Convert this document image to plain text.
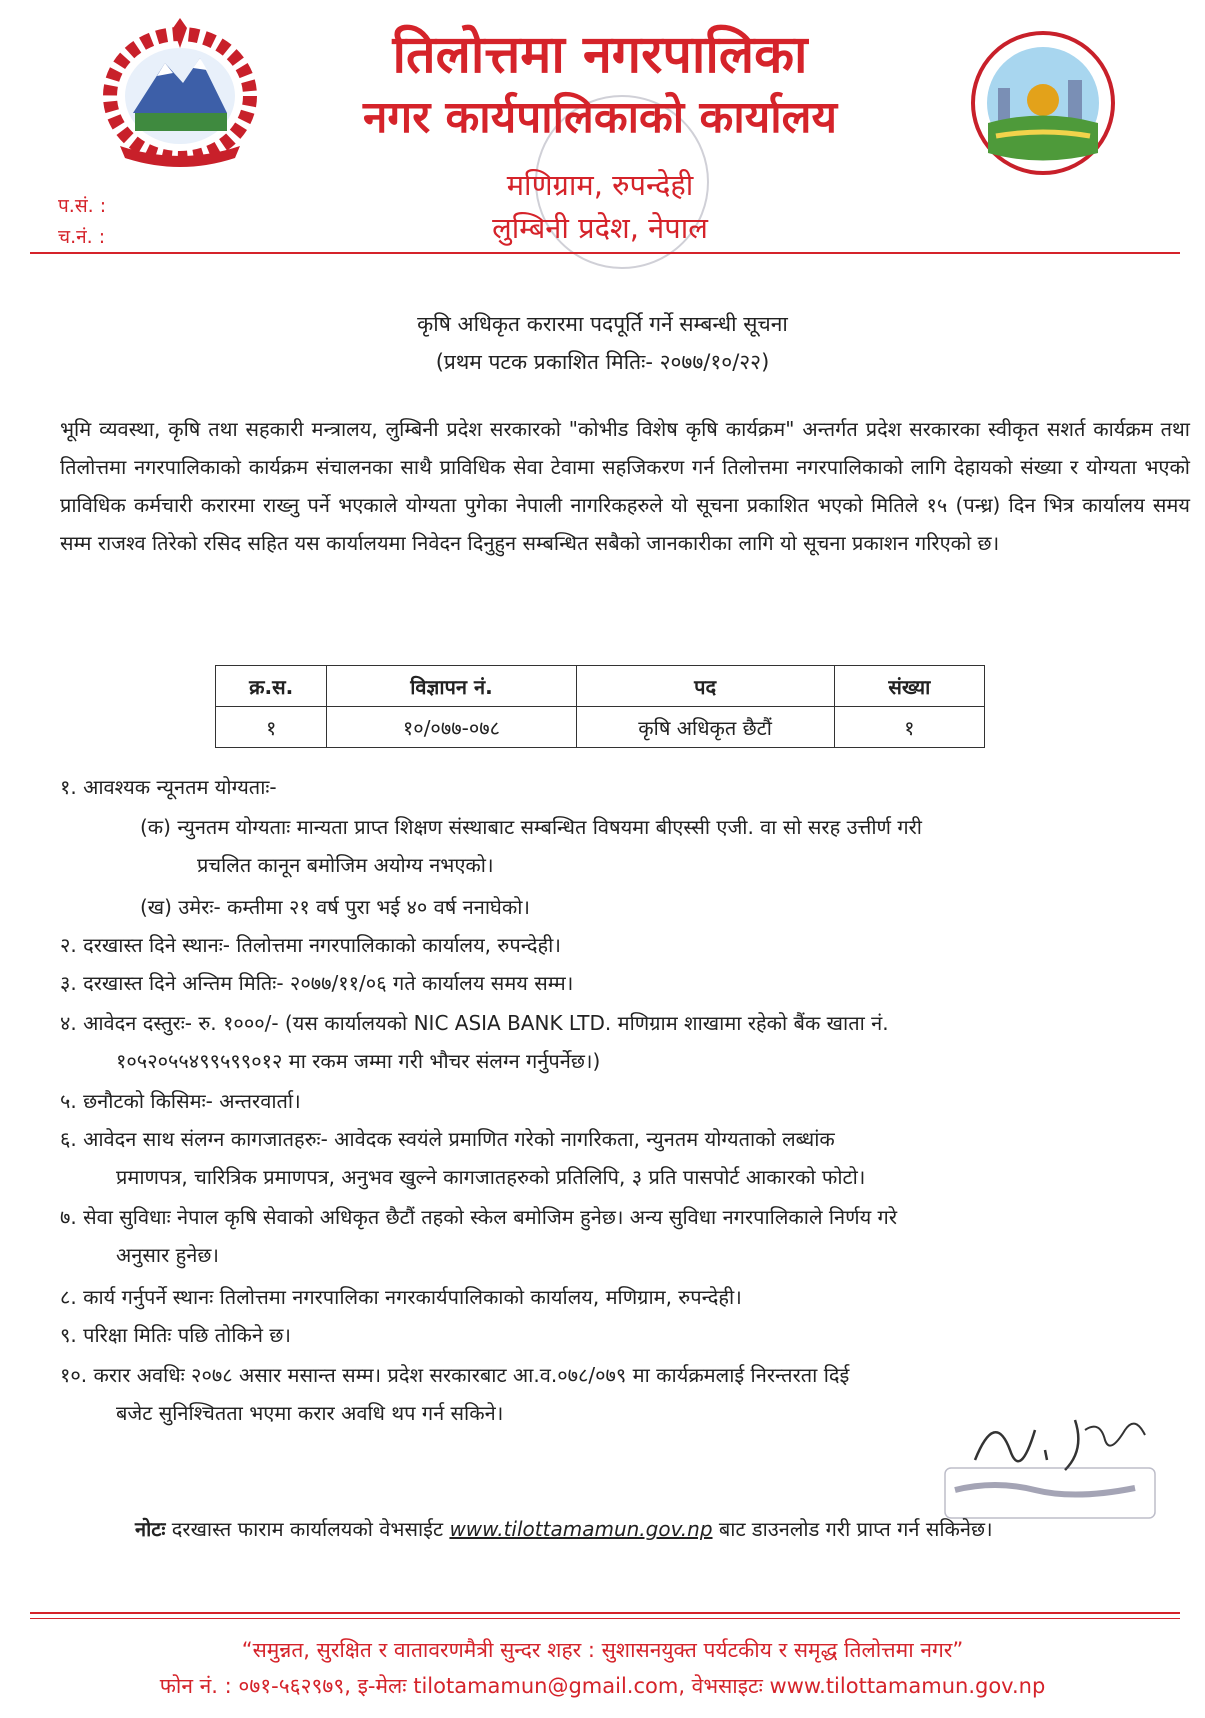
तिलोत्तमा नगरपालिका
नगर कार्यपालिकाको कार्यालय
मणिग्राम, रुपन्देही
लुम्बिनी प्रदेश, नेपाल
प.सं. :
च.नं. :
कृषि अधिकृत करारमा पदपूर्ति गर्ने सम्बन्धी सूचना
(प्रथम पटक प्रकाशित मितिः- २०७७/१०/२२)
भूमि व्यवस्था, कृषि तथा सहकारी मन्त्रालय, लुम्बिनी प्रदेश सरकारको "कोभीड विशेष कृषि कार्यक्रम" अन्तर्गत प्रदेश सरकारका स्वीकृत सशर्त कार्यक्रम तथा तिलोत्तमा नगरपालिकाको कार्यक्रम संचालनका साथै प्राविधिक सेवा टेवामा सहजिकरण गर्न तिलोत्तमा नगरपालिकाको लागि देहायको संख्या र योग्यता भएको प्राविधिक कर्मचारी करारमा राख्नु पर्ने भएकाले योग्यता पुगेका नेपाली नागरिकहरुले यो सूचना प्रकाशित भएको मितिले १५ (पन्ध्र) दिन भित्र कार्यालय समय सम्म राजश्व तिरेको रसिद सहित यस कार्यालयमा निवेदन दिनुहुन सम्बन्धित सबैको जानकारीका लागि यो सूचना प्रकाशन गरिएको छ।
क्र.स.	विज्ञापन नं.	पद	संख्या
१	१०/०७७-०७८	कृषि अधिकृत छैटौं	१
१. आवश्यक न्यूनतम योग्यताः-
(क) न्युनतम योग्यताः मान्यता प्राप्त शिक्षण संस्थाबाट सम्बन्धित विषयमा बीएस्सी एजी. वा सो सरह उत्तीर्ण गरी
प्रचलित कानून बमोजिम अयोग्य नभएको।
(ख) उमेरः- कम्तीमा २१ वर्ष पुरा भई ४० वर्ष ननाघेको।
२. दरखास्त दिने स्थानः- तिलोत्तमा नगरपालिकाको कार्यालय, रुपन्देही।
३. दरखास्त दिने अन्तिम मितिः- २०७७/११/०६ गते कार्यालय समय सम्म।
४. आवेदन दस्तुरः- रु. १०००/- (यस कार्यालयको NIC ASIA BANK LTD. मणिग्राम शाखामा रहेको बैंक खाता नं.
१०५२०५५४९९५९९०१२ मा रकम जम्मा गरी भौचर संलग्न गर्नुपर्नेछ।)
५. छनौटको किसिमः- अन्तरवार्ता।
६. आवेदन साथ संलग्न कागजातहरुः- आवेदक स्वयंले प्रमाणित गरेको नागरिकता, न्युनतम योग्यताको लब्धांक
प्रमाणपत्र, चारित्रिक प्रमाणपत्र, अनुभव खुल्ने कागजातहरुको प्रतिलिपि, ३ प्रति पासपोर्ट आकारको फोटो।
७. सेवा सुविधाः नेपाल कृषि सेवाको अधिकृत छैटौं तहको स्केल बमोजिम हुनेछ। अन्य सुविधा नगरपालिकाले निर्णय गरे
अनुसार हुनेछ।
८. कार्य गर्नुपर्ने स्थानः तिलोत्तमा नगरपालिका नगरकार्यपालिकाको कार्यालय, मणिग्राम, रुपन्देही।
९. परिक्षा मितिः पछि तोकिने छ।
१०. करार अवधिः २०७८ असार मसान्त सम्म। प्रदेश सरकारबाट आ.व.०७८/०७९ मा कार्यक्रमलाई निरन्तरता दिई
बजेट सुनिश्चितता भएमा करार अवधि थप गर्न सकिने।
नोटः दरखास्त फाराम कार्यालयको वेभसाईट www.tilottamamun.gov.np बाट डाउनलोड गरी प्राप्त गर्न सकिनेछ।
“समुन्नत, सुरक्षित र वातावरणमैत्री सुन्दर शहर : सुशासनयुक्त पर्यटकीय र समृद्ध तिलोत्तमा नगर”
फोन नं. : ०७१-५६२९७९, इ-मेलः tilotamamun@gmail.com, वेभसाइटः www.tilottamamun.gov.np
